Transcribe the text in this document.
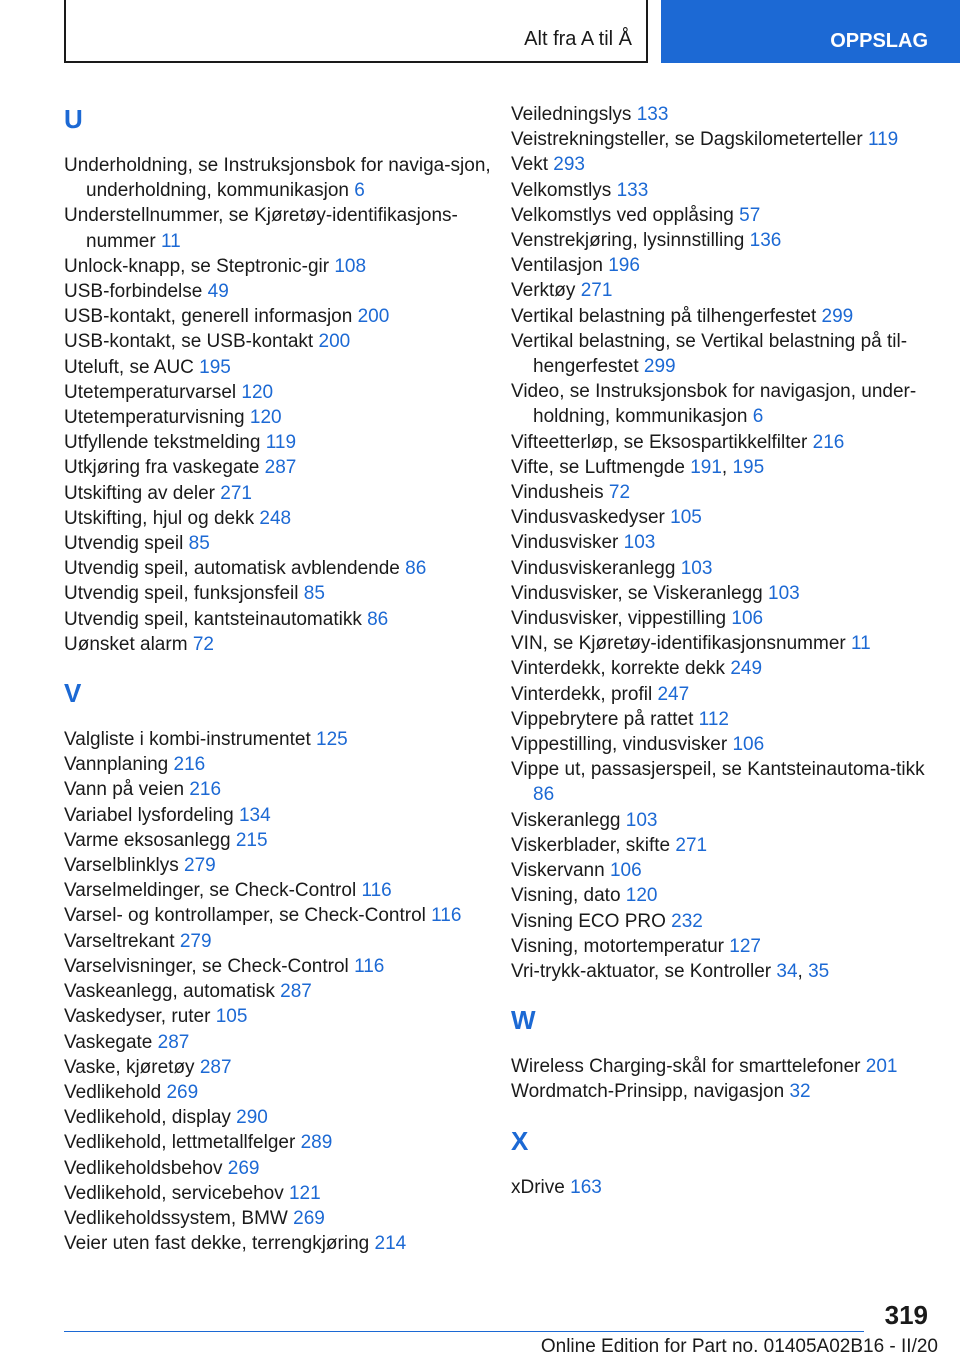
Alt fra A til Å	OPPSLAG
U
Underholdning, se Instruksjonsbok for naviga‐sjon, underholdning, kommunikasjon 6
Understellnummer, se Kjøretøy-identifikasjons‐nummer 11
Unlock-knapp, se Steptronic-gir 108
USB-forbindelse 49
USB-kontakt, generell informasjon 200
USB-kontakt, se USB-kontakt 200
Uteluft, se AUC 195
Utetemperaturvarsel 120
Utetemperaturvisning 120
Utfyllende tekstmelding 119
Utkjøring fra vaskegate 287
Utskifting av deler 271
Utskifting, hjul og dekk 248
Utvendig speil 85
Utvendig speil, automatisk avblendende 86
Utvendig speil, funksjonsfeil 85
Utvendig speil, kantsteinautomatikk 86
Uønsket alarm 72
V
Valgliste i kombi-instrumentet 125
Vannplaning 216
Vann på veien 216
Variabel lysfordeling 134
Varme eksosanlegg 215
Varselblinklys 279
Varselmeldinger, se Check-Control 116
Varsel- og kontrollamper, se Check-Control 116
Varseltrekant 279
Varselvisninger, se Check-Control 116
Vaskeanlegg, automatisk 287
Vaskedyser, ruter 105
Vaskegate 287
Vaske, kjøretøy 287
Vedlikehold 269
Vedlikehold, display 290
Vedlikehold, lettmetallfelger 289
Vedlikeholdsbehov 269
Vedlikehold, servicebehov 121
Vedlikeholdssystem, BMW 269
Veier uten fast dekke, terrengkjøring 214
Veiledningslys 133
Veistrekningsteller, se Dagskilometerteller 119
Vekt 293
Velkomstlys 133
Velkomstlys ved opplåsing 57
Venstrekjøring, lysinnstilling 136
Ventilasjon 196
Verktøy 271
Vertikal belastning på tilhengerfestet 299
Vertikal belastning, se Vertikal belastning på til‐hengerfestet 299
Video, se Instruksjonsbok for navigasjon, under‐holdning, kommunikasjon 6
Vifteetterløp, se Eksospartikkelfilter 216
Vifte, se Luftmengde 191, 195
Vindusheis 72
Vindusvaskedyser 105
Vindusvisker 103
Vindusviskeranlegg 103
Vindusvisker, se Viskeranlegg 103
Vindusvisker, vippestilling 106
VIN, se Kjøretøy-identifikasjonsnummer 11
Vinterdekk, korrekte dekk 249
Vinterdekk, profil 247
Vippebrytere på rattet 112
Vippestilling, vindusvisker 106
Vippe ut, passasjerspeil, se Kantsteinautoma‐tikk 86
Viskeranlegg 103
Viskerblader, skifte 271
Viskervann 106
Visning, dato 120
Visning ECO PRO 232
Visning, motortemperatur 127
Vri-trykk-aktuator, se Kontroller 34, 35
W
Wireless Charging-skål for smarttelefoner 201
Wordmatch-Prinsipp, navigasjon 32
X
xDrive 163
319
Online Edition for Part no. 01405A02B16 - II/20
